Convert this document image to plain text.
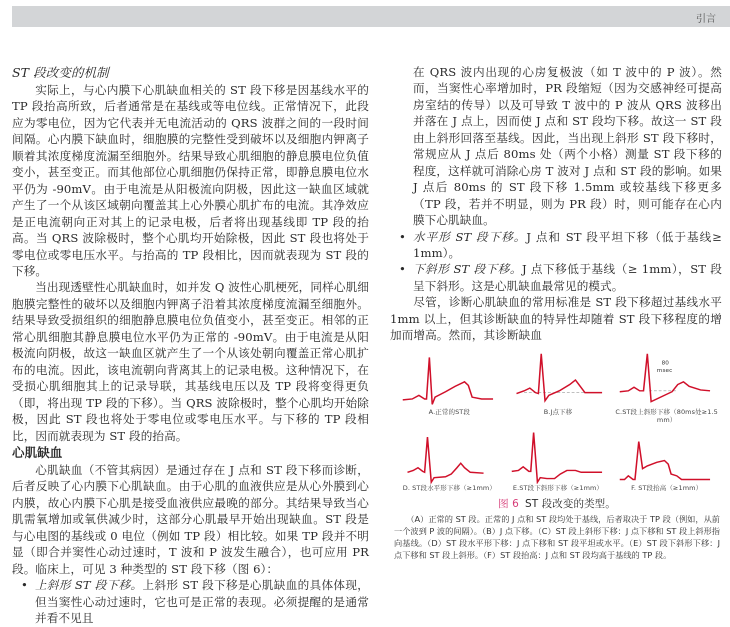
引言
ST 段改变的机制

实际上，与心内膜下心肌缺血相关的 ST 段下移是因基线水平的 TP 段抬高所致，后者通常是在基线或等电位线。正常情况下，此段应为零电位，因为它代表并无电流活动的 QRS 波群之间的一段时间间隔。心内膜下缺血时，细胞膜的完整性受到破坏以及细胞内钾离子顺着其浓度梯度流漏至细胞外。结果导致心肌细胞的静息膜电位负值变小，甚至变正。而其他部位心肌细胞仍保持正常，即静息膜电位水平仍为 -90mV。由于电流是从阳极流向阴极，因此这一缺血区域就产生了一个从该区域朝向覆盖其上心外膜心肌扩布的电流。其净效应是正电流朝向正对其上的记录电极，后者将出现基线即 TP 段的抬高。当 QRS 波除极时，整个心肌均开始除极，因此 ST 段也将处于零电位或零电压水平。与抬高的 TP 段相比，因而就表现为 ST 段的下移。

当出现透壁性心肌缺血时，如并发 Q 波性心肌梗死，同样心肌细胞膜完整性的破坏以及细胞内钾离子沿着其浓度梯度流漏至细胞外。结果导致受损组织的细胞静息膜电位负值变小，甚至变正。相邻的正常心肌细胞其静息膜电位水平仍为正常的 -90mV。由于电流是从阳极流向阴极，故这一缺血区就产生了一个从该处朝向覆盖正常心肌扩布的电流。因此，该电流朝向背离其上的记录电极。这种情况下，在受损心肌细胞其上的记录导联，其基线电压以及 TP 段将变得更负（即，将出现 TP 段的下移）。当 QRS 波除极时，整个心肌均开始除极，因此 ST 段也将处于零电位或零电压水平。与下移的 TP 段相比，因而就表现为 ST 段的抬高。

心肌缺血

心肌缺血（不管其病因）是通过存在 J 点和 ST 段下移而诊断，后者反映了心内膜下心肌缺血。由于心肌的血液供应是从心外膜到心内膜，故心内膜下心肌是接受血液供应最晚的部分。其结果导致当心肌需氧增加或氧供减少时，这部分心肌最早开始出现缺血。ST 段是与心电图的基线或 0 电位（例如 TP 段）相比较。如果 TP 段并不明显（即合并窦性心动过速时，T 波和 P 波发生融合），也可应用 PR 段。临床上，可见 3 种类型的 ST 段下移（图 6）：

• 上斜形 ST 段下移。上斜形 ST 段下移是心肌缺血的具体体现，但当窦性心动过速时，它也可是正常的表现。必须提醒的是通常并看不见且

在 QRS 波内出现的心房复极波（如 T 波中的 P 波）。然而，当窦性心率增加时，PR 段缩短（因为交感神经可提高房室结的传导）以及可导致 T 波中的 P 波从 QRS 波移出并落在 J 点上，因而使 J 点和 ST 段均下移。故这一 ST 段由上斜形回落至基线。因此，当出现上斜形 ST 段下移时，常规应从 J 点后 80ms 处（两个小格）测量 ST 段下移的程度，这样就可消除心房 T 波对 J 点和 ST 段的影响。如果 J 点后 80ms 的 ST 段下移 1.5mm 或较基线下移更多（TP 段，若并不明显，则为 PR 段）时，则可能存在心内膜下心肌缺血。

• 水平形 ST 段下移。J 点和 ST 段平坦下移（低于基线≥ 1mm）。
• 下斜形 ST 段下移。J 点下移低于基线（≥ 1mm），ST 段呈下斜形。这是心肌缺血最常见的模式。

尽管，诊断心肌缺血的常用标准是 ST 段下移超过基线水平 1mm 以上，但其诊断缺血的特异性却随着 ST 段下移程度的增加而增高。然而，其诊断缺血

A.正常的ST段	B.J点下移
80
msec
C.ST段上斜形下移（80ms处≥1.5mm）
D. ST段水平形下移（≥1mm）	E.ST段下斜形下移（≥1mm）	F. ST段抬高（≥1mm）
图 6 ST 段改变的类型。
（A）正常的 ST 段。正常的 J 点和 ST 段均处于基线，后者取决于 TP 段（例如，从前一个波到 P 波的间隔）。（B）J 点下移。（C）ST 段上斜形下移：J 点下移和 ST 段上斜形指向基线。（D）ST 段水平形下移：J 点下移和 ST 段平坦或水平。（E）ST 段下斜形下移：J 点下移和 ST 段上斜形。（F）ST 段抬高：J 点和 ST 段均高于基线的 TP 段。
